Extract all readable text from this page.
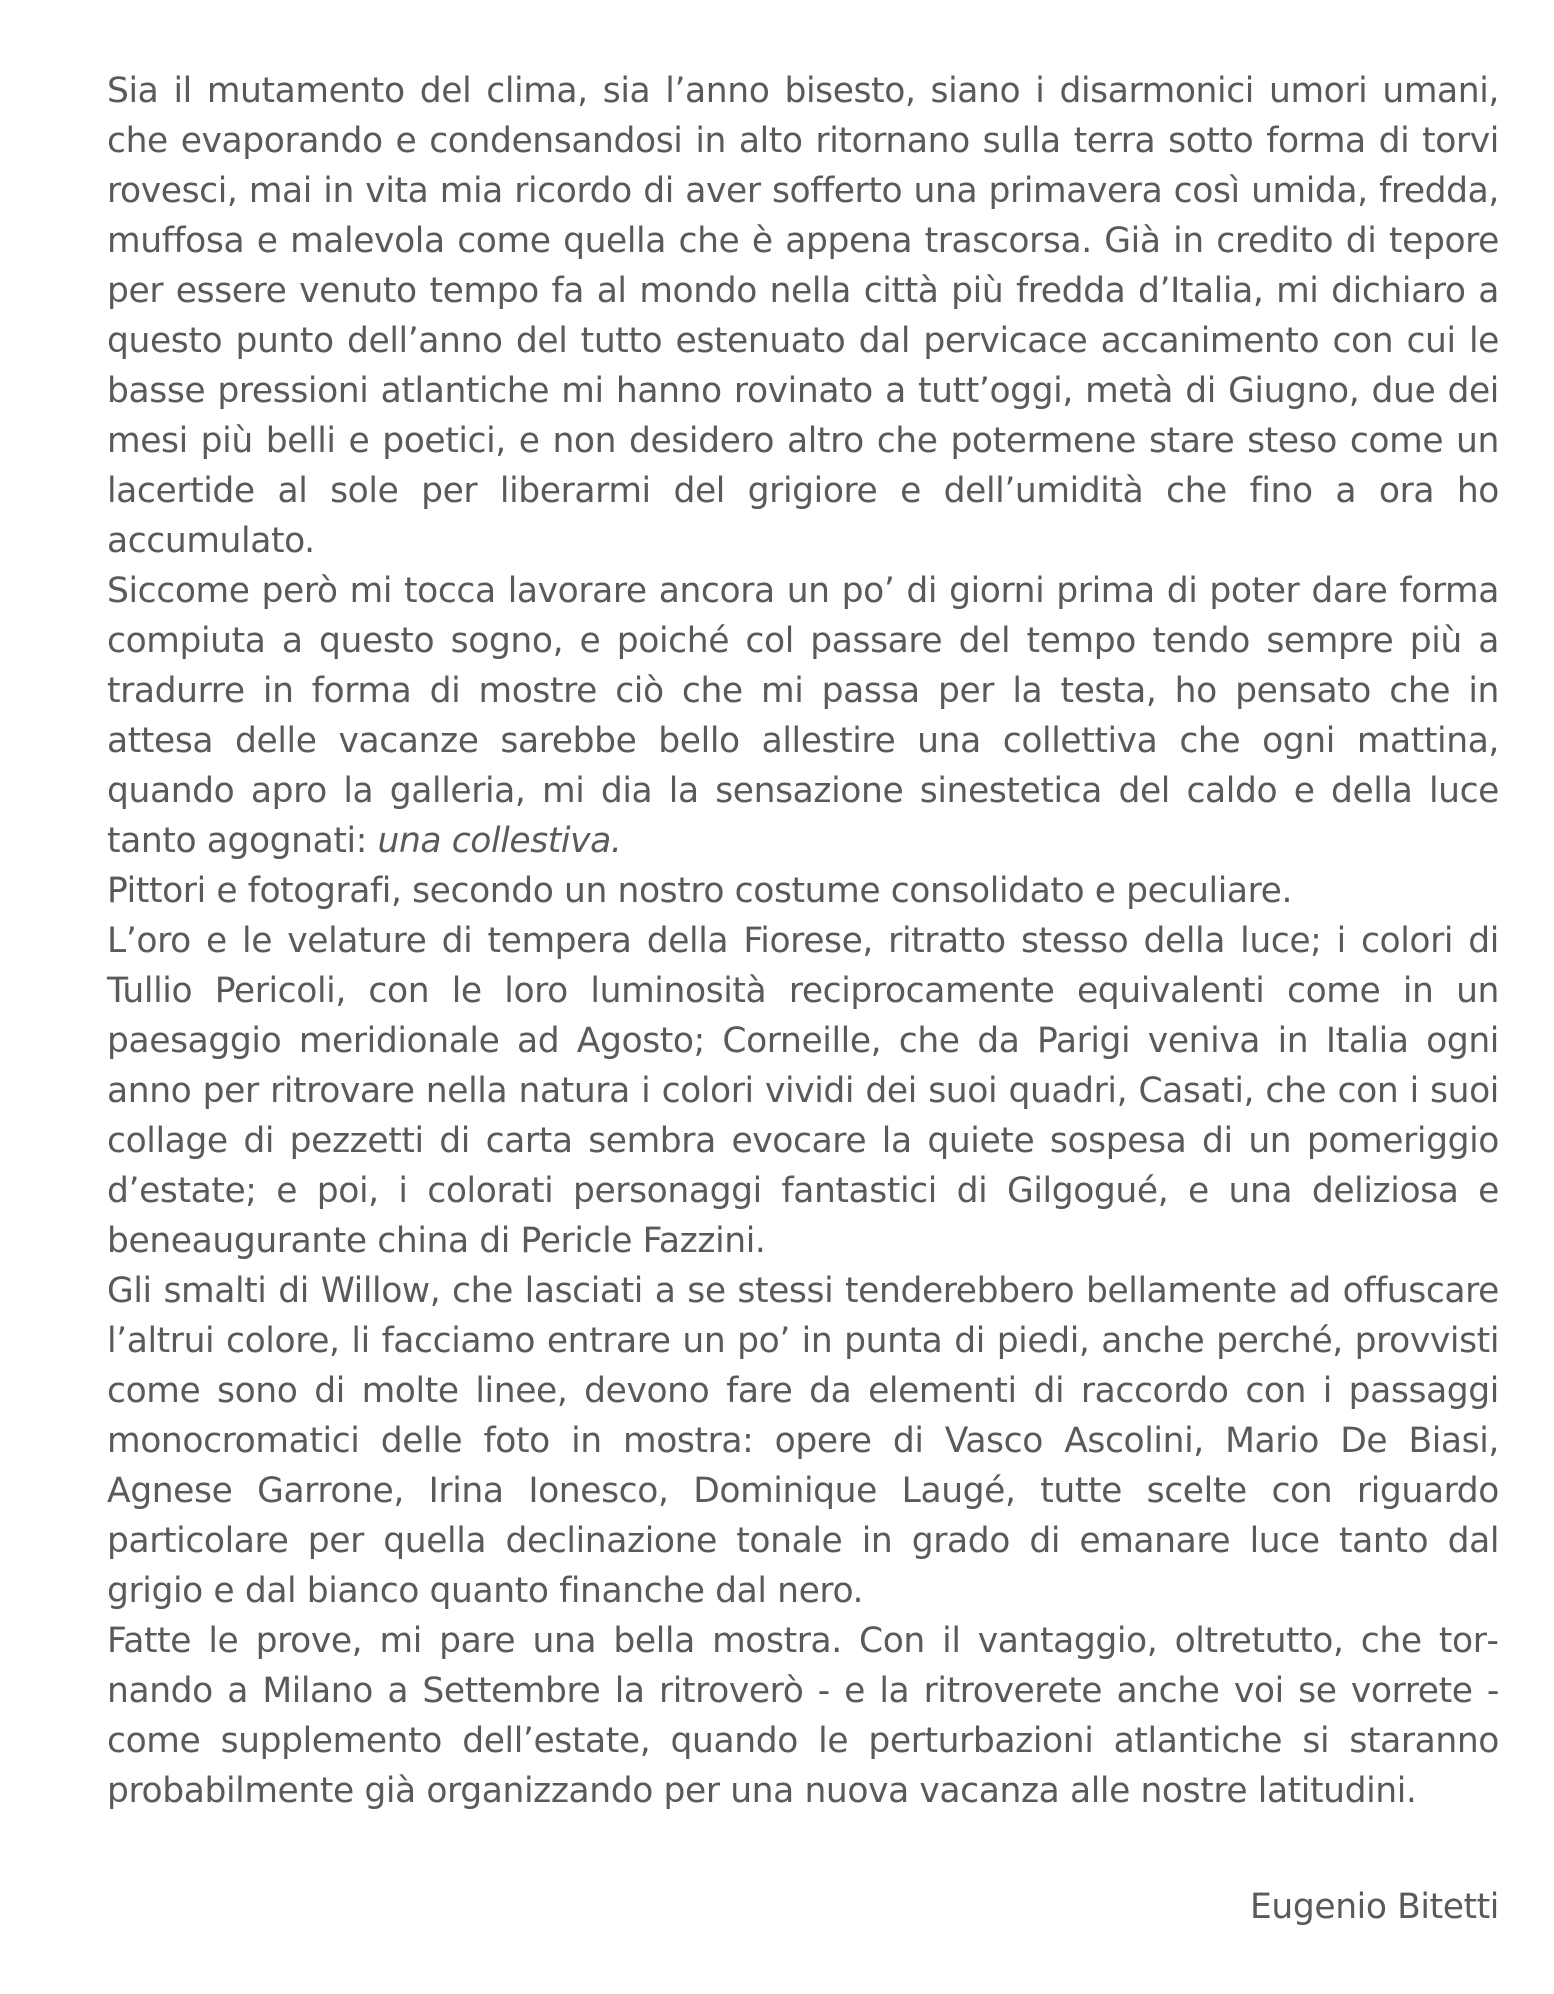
Sia il mutamento del clima, sia l’anno bisesto, siano i disarmonici umori umani, che evaporando e condensandosi in alto ritornano sulla terra sotto forma di torvi rovesci, mai in vita mia ricordo di aver sofferto una primavera così umida, fredda, muffosa e malevola come quella che è appena trascorsa. Già in credito di tepore per essere venuto tempo fa al mondo nella città più fredda d’Italia, mi dichiaro a questo punto dell’anno del tutto estenuato dal pervicace accanimento con cui le basse pressioni atlantiche mi hanno rovinato a tutt’oggi, metà di Giugno, due dei mesi più belli e poetici, e non desidero altro che potermene stare steso come un lacertide al sole per liberarmi del grigiore e dell’umidità che fino a ora ho accumulato.

Siccome però mi tocca lavorare ancora un po’ di giorni prima di poter dare forma compiuta a questo sogno, e poiché col passare del tempo tendo sempre più a tradurre in forma di mostre ciò che mi passa per la testa, ho pensato che in attesa delle vacanze sarebbe bello allestire una collettiva che ogni mattina, quando apro la galleria, mi dia la sensazione sinestetica del caldo e della luce tanto agognati: una collestiva.

Pittori e fotografi, secondo un nostro costume consolidato e peculiare.

L’oro e le velature di tempera della Fiorese, ritratto stesso della luce; i colori di Tullio Pericoli, con le loro luminosità reciprocamente equivalenti come in un paesaggio meridionale ad Agosto; Corneille, che da Parigi veniva in Italia ogni anno per ritrovare nella natura i colori vividi dei suoi quadri, Casati, che con i suoi collage di pezzetti di carta sembra evocare la quiete sospesa di un pomeriggio d’estate; e poi, i colorati personaggi fantastici di Gilgogué, e una deliziosa e beneaugurante china di Pericle Fazzini.

Gli smalti di Willow, che lasciati a se stessi tenderebbero bellamente ad offuscare l’altrui colore, li facciamo entrare un po’ in punta di piedi, anche perché, provvisti come sono di molte linee, devono fare da elementi di raccordo con i passaggi monocromatici delle foto in mostra: opere di Vasco Ascolini, Mario De Biasi, Agnese Garrone, Irina Ionesco, Dominique Laugé, tutte scelte con riguardo particolare per quella declinazione tonale in grado di emanare luce tanto dal grigio e dal bianco quanto finanche dal nero.

Fatte le prove, mi pare una bella mostra. Con il vantaggio, oltretutto, che tornando a Milano a Settembre la ritroverò - e la ritroverete anche voi se vorrete - come supplemento dell’estate, quando le perturbazioni atlantiche si staranno probabilmente già organizzando per una nuova vacanza alle nostre latitudini.

Eugenio Bitetti
